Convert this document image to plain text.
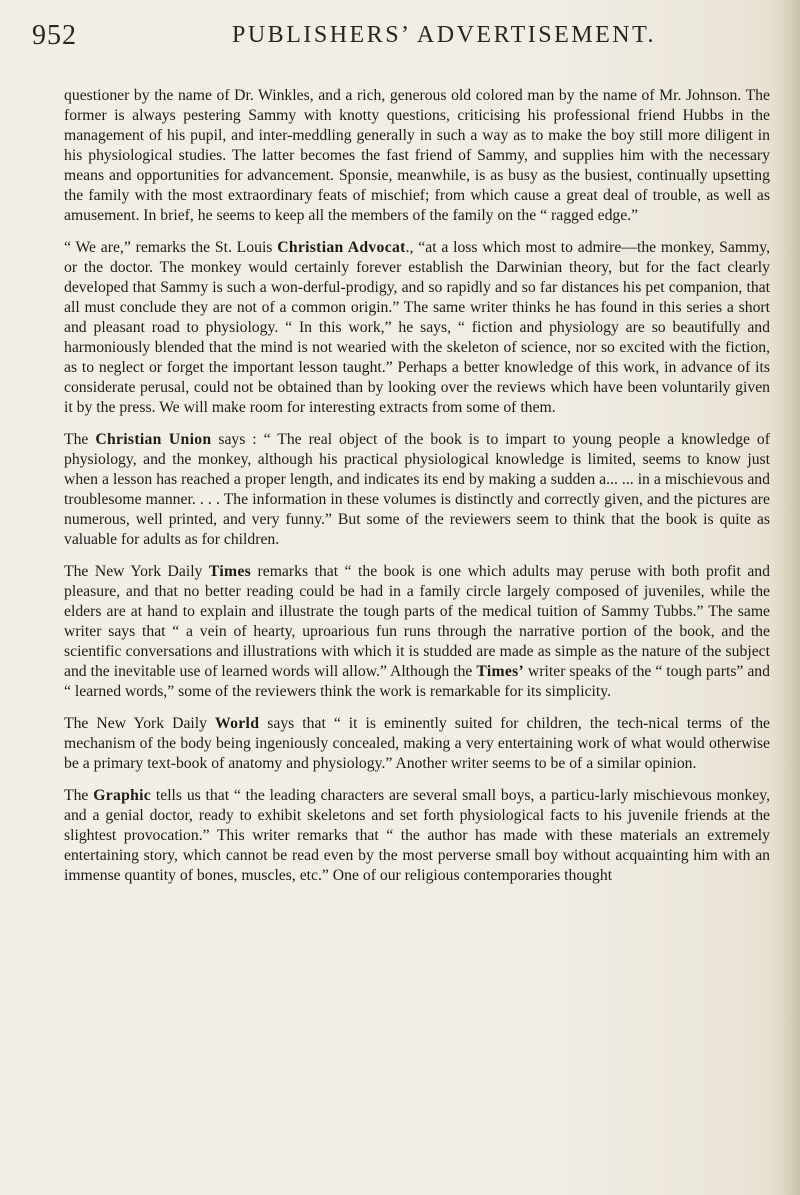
952	PUBLISHERS’ ADVERTISEMENT.

questioner by the name of Dr. Winkles, and a rich, generous old colored man by the name of Mr. Johnson. The former is always pestering Sammy with knotty questions, criticising his professional friend Hubbs in the management of his pupil, and inter-meddling generally in such a way as to make the boy still more diligent in his physiological studies. The latter becomes the fast friend of Sammy, and supplies him with the necessary means and opportunities for advancement. Sponsie, meanwhile, is as busy as the busiest, continually upsetting the family with the most extraordinary feats of mischief; from which cause a great deal of trouble, as well as amusement. In brief, he seems to keep all the members of the family on the “ ragged edge.”

“ We are,” remarks the St. Louis Christian Advocat., “at a loss which most to admire—the monkey, Sammy, or the doctor. The monkey would certainly forever establish the Darwinian theory, but for the fact clearly developed that Sammy is such a won-derful-prodigy, and so rapidly and so far distances his pet companion, that all must conclude they are not of a common origin.” The same writer thinks he has found in this series a short and pleasant road to physiology. “ In this work,” he says, “ fiction and physiology are so beautifully and harmoniously blended that the mind is not wearied with the skeleton of science, nor so excited with the fiction, as to neglect or forget the important lesson taught.” Perhaps a better knowledge of this work, in advance of its considerate perusal, could not be obtained than by looking over the reviews which have been voluntarily given it by the press. We will make room for interesting extracts from some of them.

The Christian Union says : “ The real object of the book is to impart to young people a knowledge of physiology, and the monkey, although his practical physiological knowledge is limited, seems to know just when a lesson has reached a proper length, and indicates its end by making a sudden a... ... in a mischievous and troublesome manner. . . . The information in these volumes is distinctly and correctly given, and the pictures are numerous, well printed, and very funny.” But some of the reviewers seem to think that the book is quite as valuable for adults as for children.

The New York Daily Times remarks that “ the book is one which adults may peruse with both profit and pleasure, and that no better reading could be had in a family circle largely composed of juveniles, while the elders are at hand to explain and illustrate the tough parts of the medical tuition of Sammy Tubbs.” The same writer says that “ a vein of hearty, uproarious fun runs through the narrative portion of the book, and the scientific conversations and illustrations with which it is studded are made as simple as the nature of the subject and the inevitable use of learned words will allow.” Although the Times’ writer speaks of the “ tough parts” and “ learned words,” some of the reviewers think the work is remarkable for its simplicity.

The New York Daily World says that “ it is eminently suited for children, the tech-nical terms of the mechanism of the body being ingeniously concealed, making a very entertaining work of what would otherwise be a primary text-book of anatomy and physiology.” Another writer seems to be of a similar opinion.

The Graphic tells us that “ the leading characters are several small boys, a particu-larly mischievous monkey, and a genial doctor, ready to exhibit skeletons and set forth physiological facts to his juvenile friends at the slightest provocation.” This writer remarks that “ the author has made with these materials an extremely entertaining story, which cannot be read even by the most perverse small boy without acquainting him with an immense quantity of bones, muscles, etc.” One of our religious contemporaries thought
